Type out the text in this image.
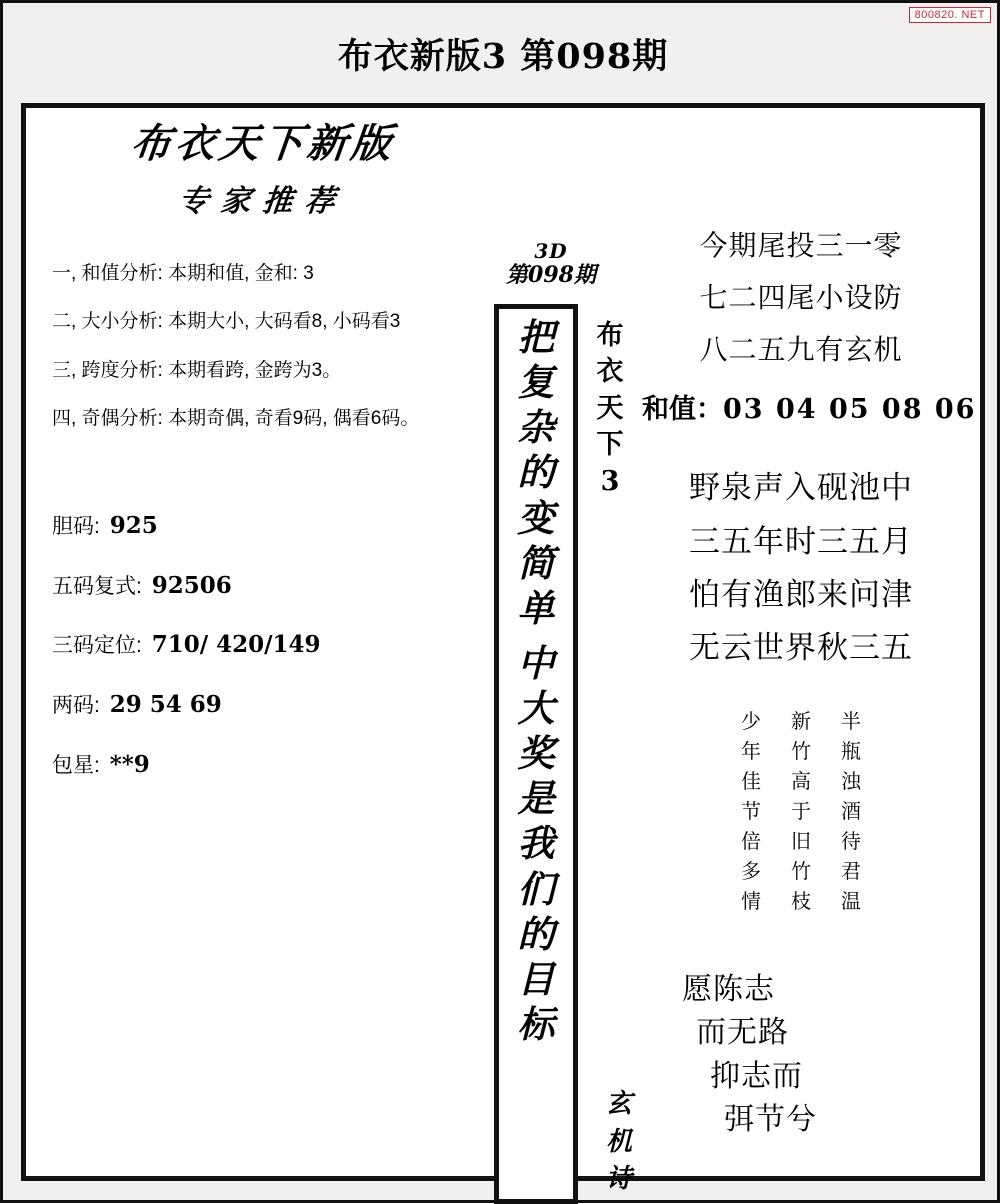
800820. NET
布衣新版3 第098期
布衣天下新版
专家推荐
一, 和值分析: 本期和值, 金和: 3
二, 大小分析: 本期大小, 大码看8, 小码看3
三, 跨度分析: 本期看跨, 金跨为3。
四, 奇偶分析: 本期奇偶, 奇看9码, 偶看6码。
胆码: 925
五码复式: 92506
三码定位: 710/ 420/149
两码: 29 54 69
包星: **9
3D
第098期
把
复
杂
的
变
简
单
中
大
奖
是
我
们
的
目
标
布
衣
天
下
3
玄
机
诗
今期尾投三一零
七二四尾小设防
八二五九有玄机
和值：03 04 05 08 06
野泉声入砚池中
三五年时三五月
怕有渔郎来问津
无云世界秋三五
半
瓶
浊
酒
待
君
温
新
竹
高
于
旧
竹
枝
少
年
佳
节
倍
多
情
愿陈志
而无路
抑志而
弭节兮
